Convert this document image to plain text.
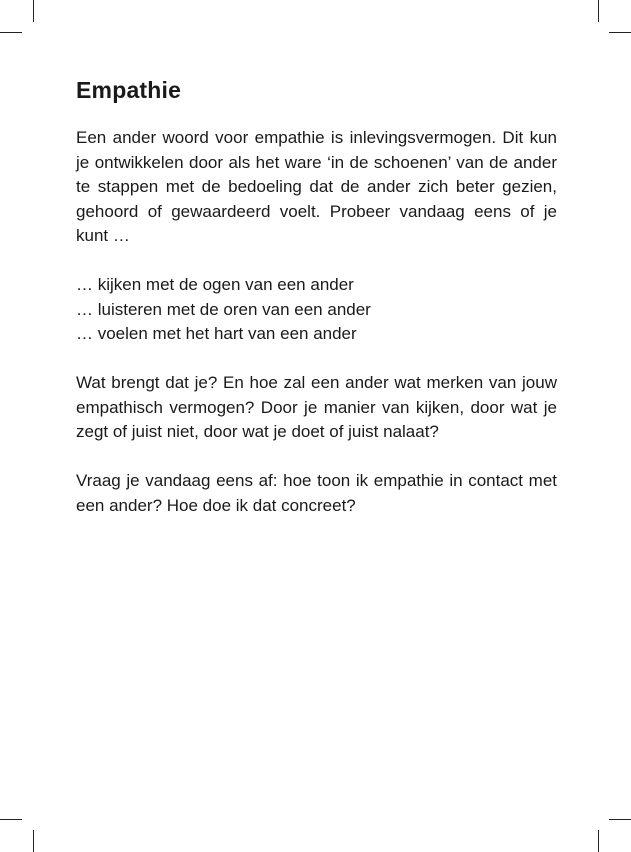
Empathie

Een ander woord voor empathie is inlevingsvermogen. Dit kun je ontwikkelen door als het ware ‘in de schoenen’ van de ander te stappen met de bedoeling dat de ander zich beter gezien, gehoord of gewaardeerd voelt. Probeer vandaag eens of je kunt …

… kijken met de ogen van een ander
… luisteren met de oren van een ander
… voelen met het hart van een ander

Wat brengt dat je? En hoe zal een ander wat merken van jouw empathisch vermogen? Door je manier van kijken, door wat je zegt of juist niet, door wat je doet of juist nalaat?

Vraag je vandaag eens af: hoe toon ik empathie in contact met een ander? Hoe doe ik dat concreet?
